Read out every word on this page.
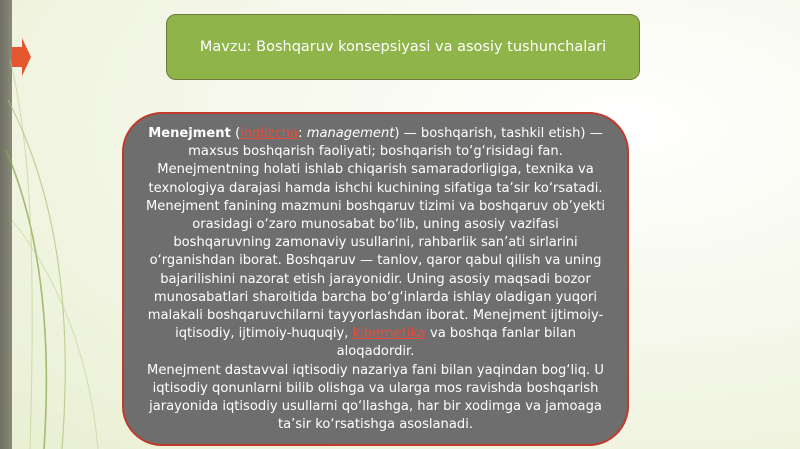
Mavzu: Boshqaruv konsepsiyasi va asosiy tushunchalari

Menejment (inglizcha: management) — boshqarish, tashkil etish) — maxsus boshqarish faoliyati; boshqarish to‘g‘risidagi fan. Menejmentning holati ishlab chiqarish samaradorligiga, texnika va texnologiya darajasi hamda ishchi kuchining sifatiga ta’sir ko‘rsatadi. Menejment fanining mazmuni boshqaruv tizimi va boshqaruv ob’yekti orasidagi o‘zaro munosabat bo‘lib, uning asosiy vazifasi boshqaruvning zamonaviy usullarini, rahbarlik san’ati sirlarini o‘rganishdan iborat. Boshqaruv — tanlov, qaror qabul qilish va uning bajarilishini nazorat etish jarayonidir. Uning asosiy maqsadi bozor munosabatlari sharoitida barcha bo‘g‘inlarda ishlay oladigan yuqori malakali boshqaruvchilarni tayyorlashdan iborat. Menejment ijtimoiy-iqtisodiy, ijtimoiy-huquqiy, kibernetika va boshqa fanlar bilan aloqadordir.

Menejment dastavval iqtisodiy nazariya fani bilan yaqindan bog‘liq. U iqtisodiy qonunlarni bilib olishga va ularga mos ravishda boshqarish jarayonida iqtisodiy usullarni qo‘llashga, har bir xodimga va jamoaga ta’sir ko‘rsatishga asoslanadi.
